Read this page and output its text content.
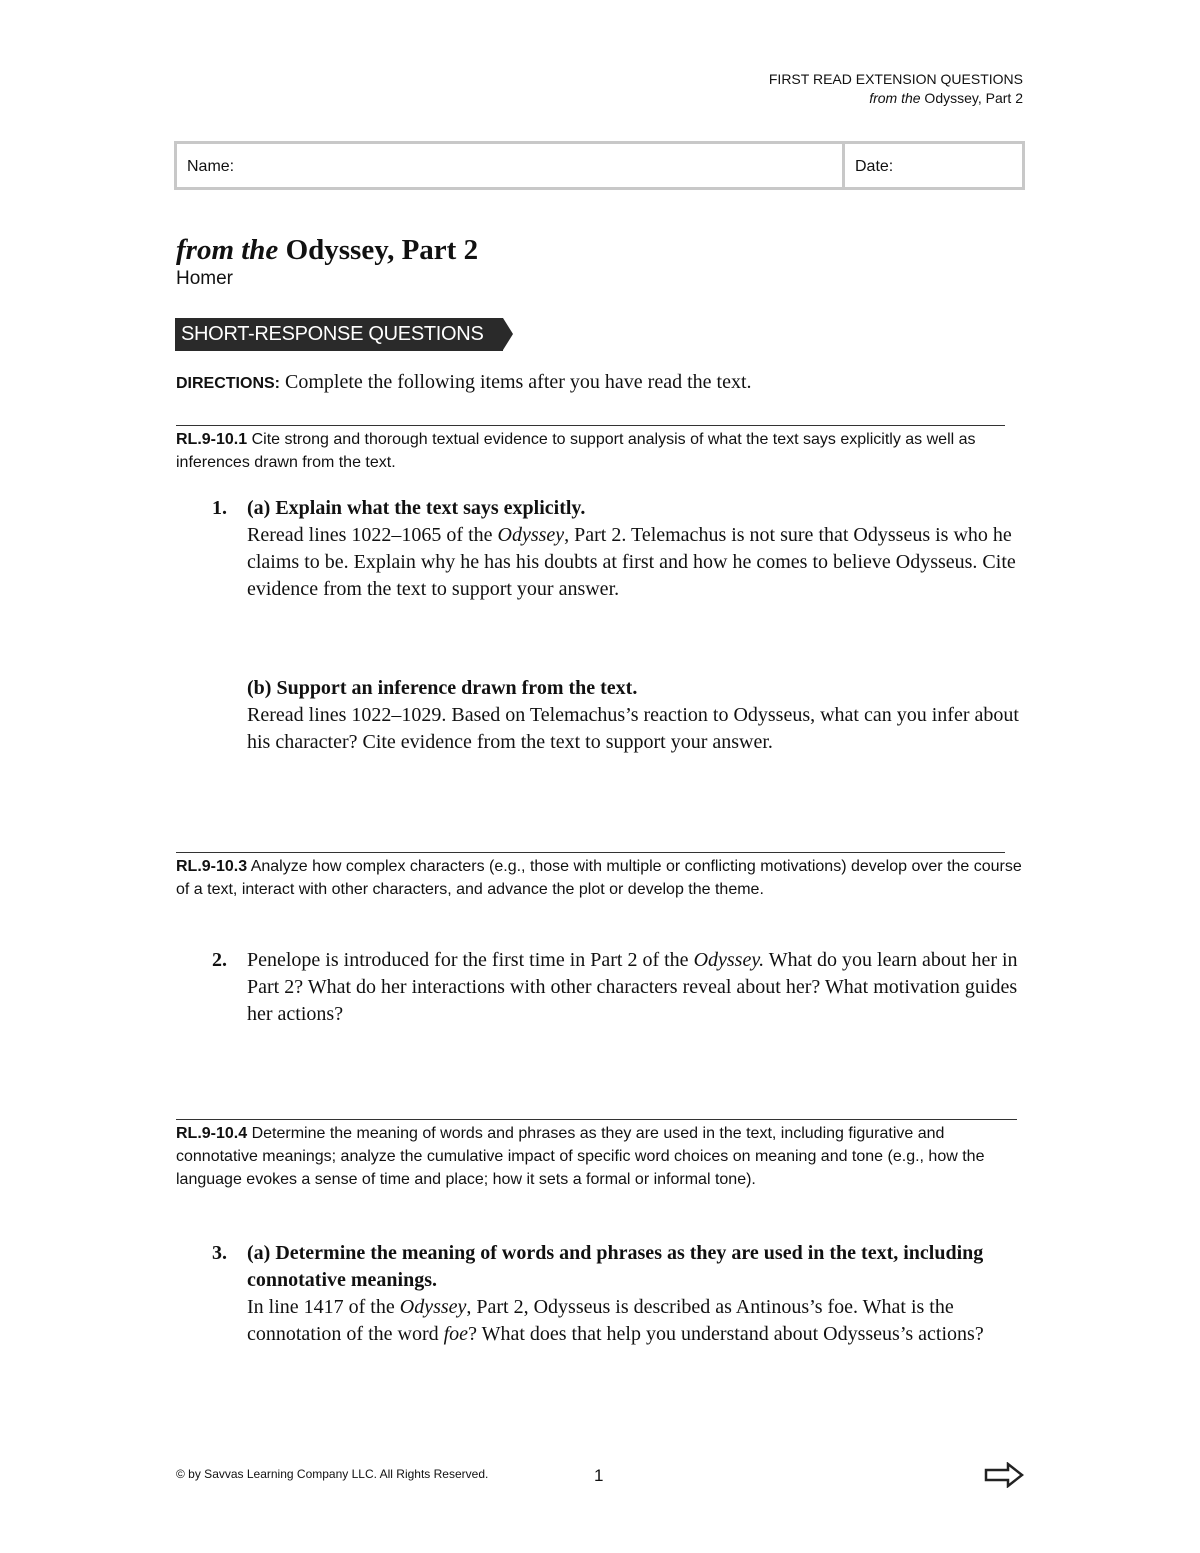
FIRST READ EXTENSION QUESTIONS
from the Odyssey, Part 2
Name:	Date:
from the Odyssey, Part 2
Homer
SHORT-RESPONSE QUESTIONS
DIRECTIONS: Complete the following items after you have read the text.
RL.9-10.1 Cite strong and thorough textual evidence to support analysis of what the text says explicitly as well as inferences drawn from the text.
1. (a) Explain what the text says explicitly.
Reread lines 1022–1065 of the Odyssey, Part 2. Telemachus is not sure that Odysseus is who he claims to be. Explain why he has his doubts at first and how he comes to believe Odysseus. Cite evidence from the text to support your answer.
(b) Support an inference drawn from the text.
Reread lines 1022–1029. Based on Telemachus’s reaction to Odysseus, what can you infer about his character? Cite evidence from the text to support your answer.
RL.9-10.3 Analyze how complex characters (e.g., those with multiple or conflicting motivations) develop over the course of a text, interact with other characters, and advance the plot or develop the theme.
2. Penelope is introduced for the first time in Part 2 of the Odyssey. What do you learn about her in Part 2? What do her interactions with other characters reveal about her? What motivation guides her actions?
RL.9-10.4 Determine the meaning of words and phrases as they are used in the text, including figurative and connotative meanings; analyze the cumulative impact of specific word choices on meaning and tone (e.g., how the language evokes a sense of time and place; how it sets a formal or informal tone).
3. (a) Determine the meaning of words and phrases as they are used in the text, including connotative meanings.
In line 1417 of the Odyssey, Part 2, Odysseus is described as Antinous’s foe. What is the connotation of the word foe? What does that help you understand about Odysseus’s actions?
© by Savvas Learning Company LLC. All Rights Reserved.	1
